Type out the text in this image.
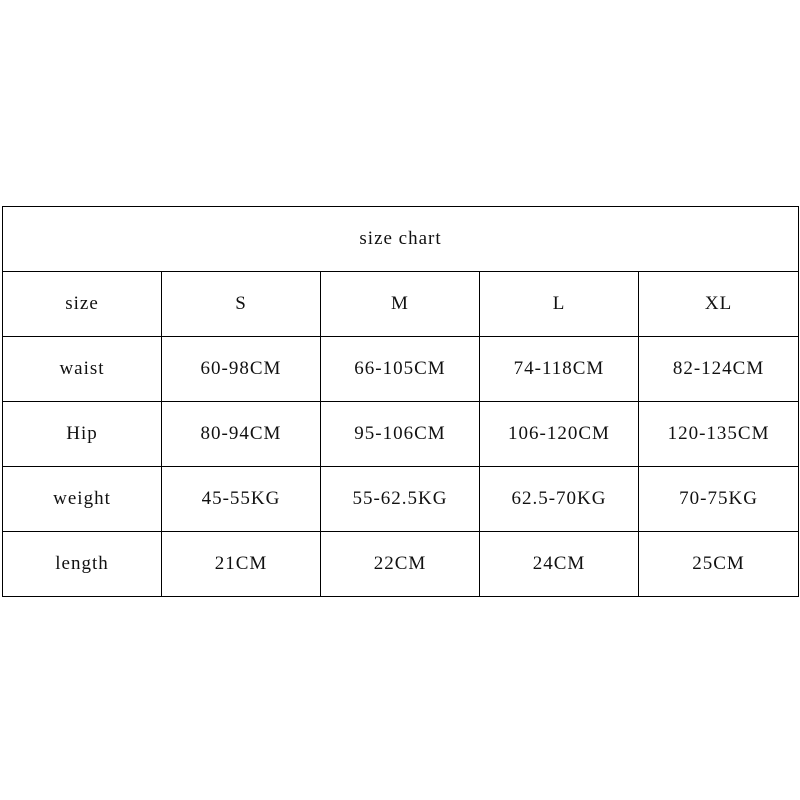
size chart				
size	S	M	L	XL
waist	60-98CM	66-105CM	74-118CM	82-124CM
Hip	80-94CM	95-106CM	106-120CM	120-135CM
weight	45-55KG	55-62.5KG	62.5-70KG	70-75KG
length	21CM	22CM	24CM	25CM
